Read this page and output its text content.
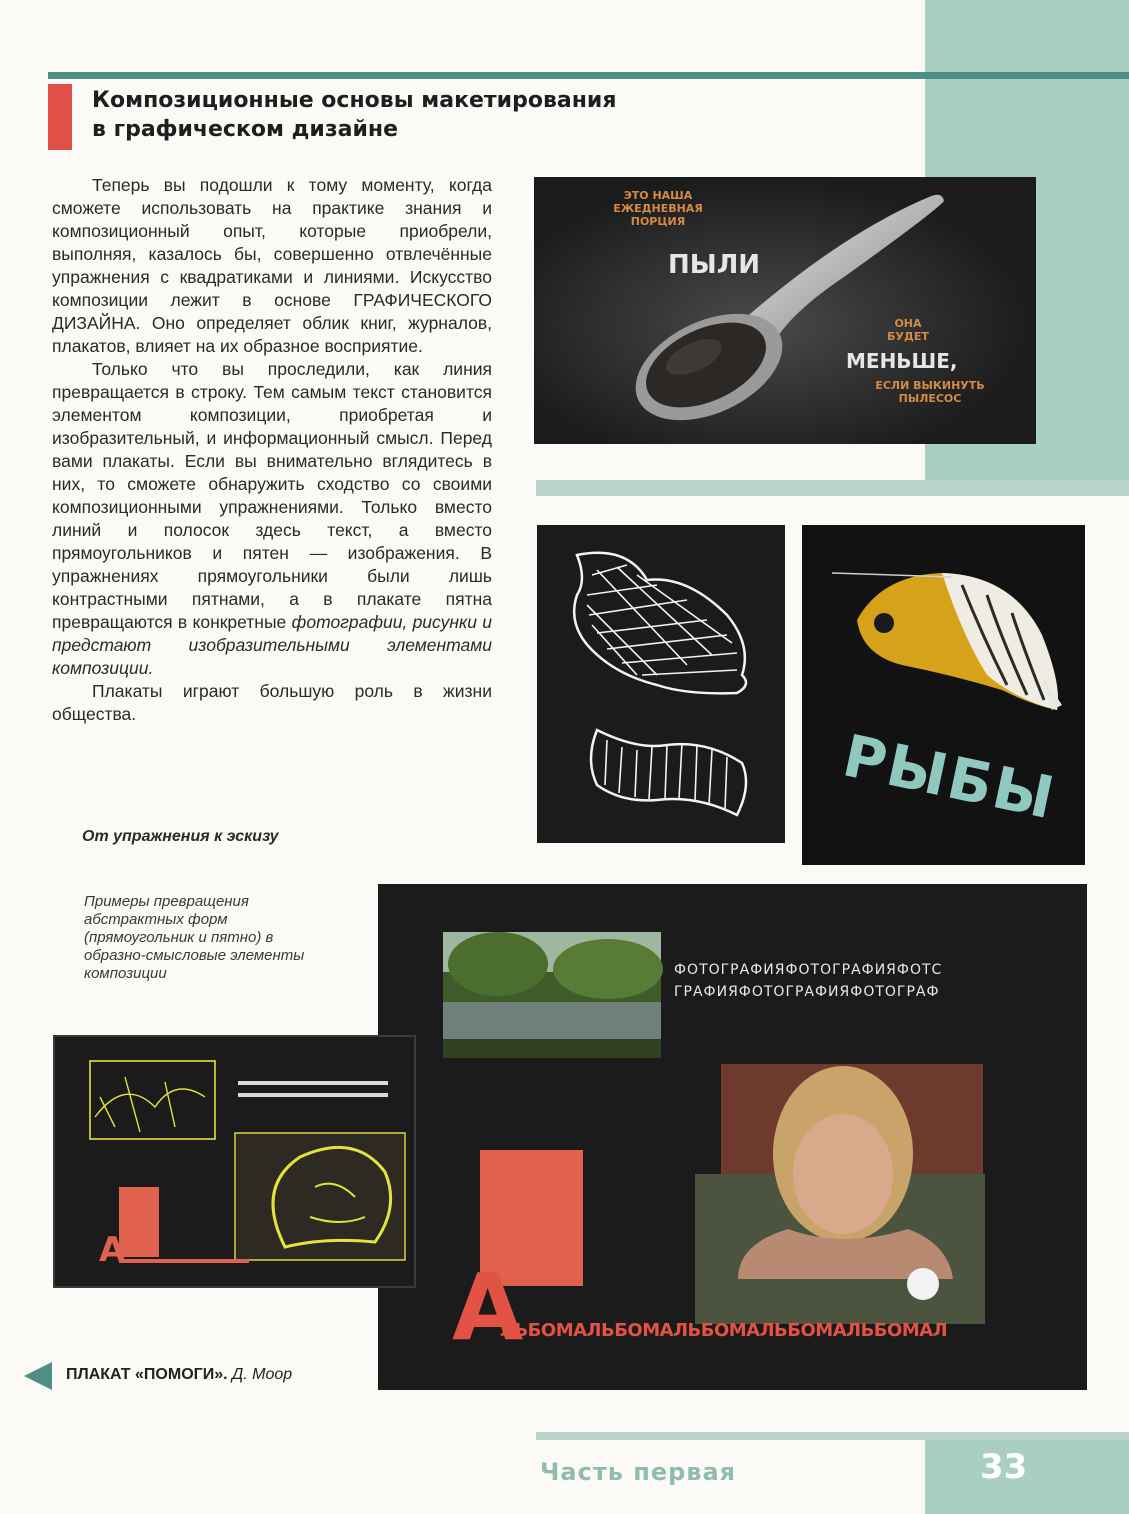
Композиционные основы макетирования
в графическом дизайне

Теперь вы подошли к тому моменту, когда сможете использовать на практике знания и композиционный опыт, которые приобрели, выполняя, казалось бы, совершенно отвлечённые упражнения с квадратиками и линиями. Искусство композиции лежит в основе ГРАФИЧЕСКОГО ДИЗАЙНА. Оно определяет облик книг, журналов, плакатов, влияет на их образное восприятие.

Только что вы проследили, как линия превращается в строку. Тем самым текст становится элементом композиции, приобретая и изобразительный, и информационный смысл. Перед вами плакаты. Если вы внимательно вглядитесь в них, то сможете обнаружить сходство со своими композиционными упражнениями. Только вместо линий и полосок здесь текст, а вместо прямоугольников и пятен — изображения. В упражнениях прямоугольники были лишь контрастными пятнами, а в плакате пятна превращаются в конкретные фотографии, рисунки и предстают изобразительными элементами композиции.

Плакаты играют большую роль в жизни общества.

ЭТО НАША ЕЖЕДНЕВНАЯ ПОРЦИЯ
ПЫЛИ
ОНА БУДЕТ
МЕНЬШЕ,
ЕСЛИ ВЫКИНУТЬ ПЫЛЕСОС
РЫБЫ
От упражнения к эскизу
Примеры превращения абстрактных форм (прямоугольник и пятно) в образно-смысловые элементы композиции	ФОТОГРАФИЯФОТОГРАФИЯФОТС
ГРАФИЯФОТОГРАФИЯФОТОГРАФ
А
ЛЬБОМАЛЬБОМАЛЬБОМАЛЬБОМАЛЬБОМАЛ
А
ПЛАКАТ «ПОМОГИ». Д. Моор
Часть первая	33
